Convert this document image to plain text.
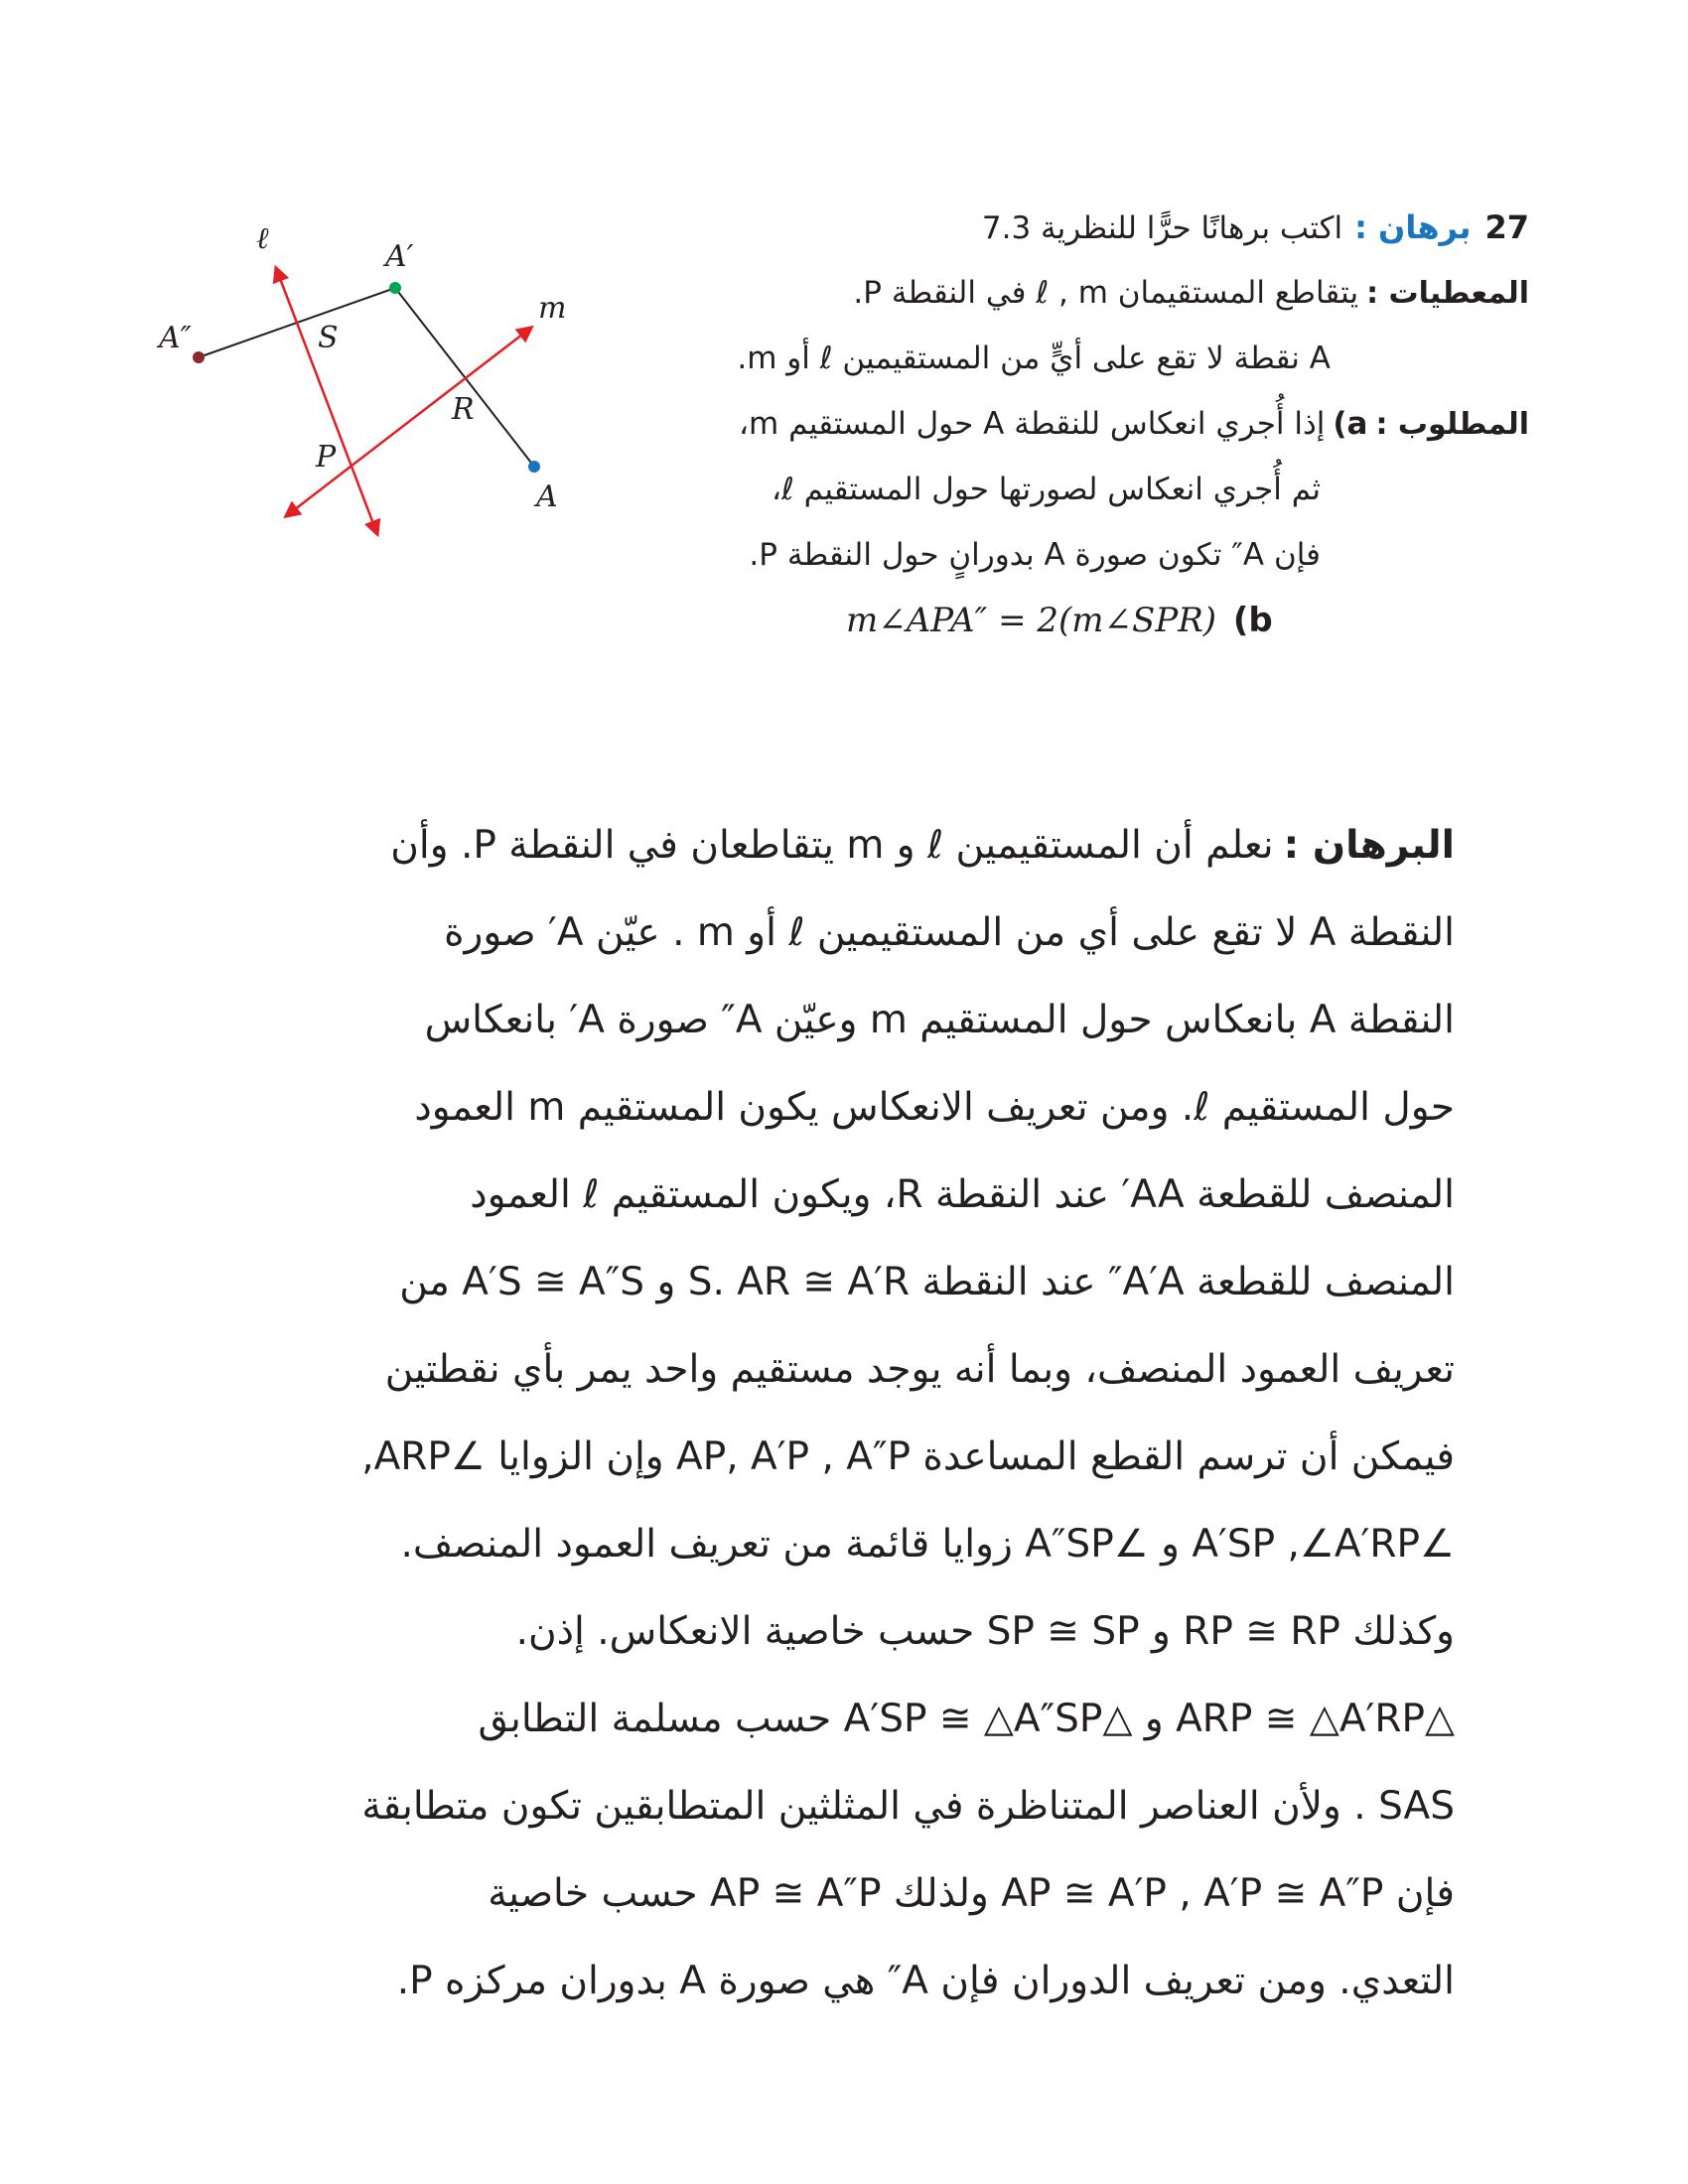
27برهان :اكتب برهانًا حرًّا للنظرية 7.3
المعطيات :يتقاطع المستقيمان ℓ , m في النقطة P.
A نقطة لا تقع على أيٍّ من المستقيمين ℓ أو m.
المطلوب :a)إذا أُجري انعكاس للنقطة A حول المستقيم m،
ثم أُجري انعكاس لصورتها حول المستقيم ℓ،
فإن A″ تكون صورة A بدورانٍ حول النقطة P.
m∠APA″ = 2(m∠SPR) (b
ℓ
m
A′
A″	S
R
P
A
البرهان :نعلم أن المستقيمين ℓ و m يتقاطعان في النقطة P. وأن
النقطة A لا تقع على أي من المستقيمين ℓ أو m . عيّن A′ صورة
النقطة A بانعكاس حول المستقيم m وعيّن A″ صورة A′ بانعكاس
حول المستقيم ℓ. ومن تعريف الانعكاس يكون المستقيم m العمود
المنصف للقطعة AA′ عند النقطة R، ويكون المستقيم ℓ العمود
المنصف للقطعة A′A″ عند النقطة S. AR ≅ A′R و A′S ≅ A″S من
تعريف العمود المنصف، وبما أنه يوجد مستقيم واحد يمر بأي نقطتين
فيمكن أن ترسم القطع المساعدة AP, A′P , A″P وإن الزوايا ∠ARP,
∠A′SP ,∠A′RP و ∠A″SP زوايا قائمة من تعريف العمود المنصف.
وكذلك RP ≅ RP و SP ≅ SP حسب خاصية الانعكاس. إذن.
△ARP ≅ △A′RP و △A′SP ≅ △A″SP حسب مسلمة التطابق
SAS . ولأن العناصر المتناظرة في المثلثين المتطابقين تكون متطابقة
فإن AP ≅ A′P , A′P ≅ A″P ولذلك AP ≅ A″P حسب خاصية
التعدي. ومن تعريف الدوران فإن A″ هي صورة A بدوران مركزه P.
